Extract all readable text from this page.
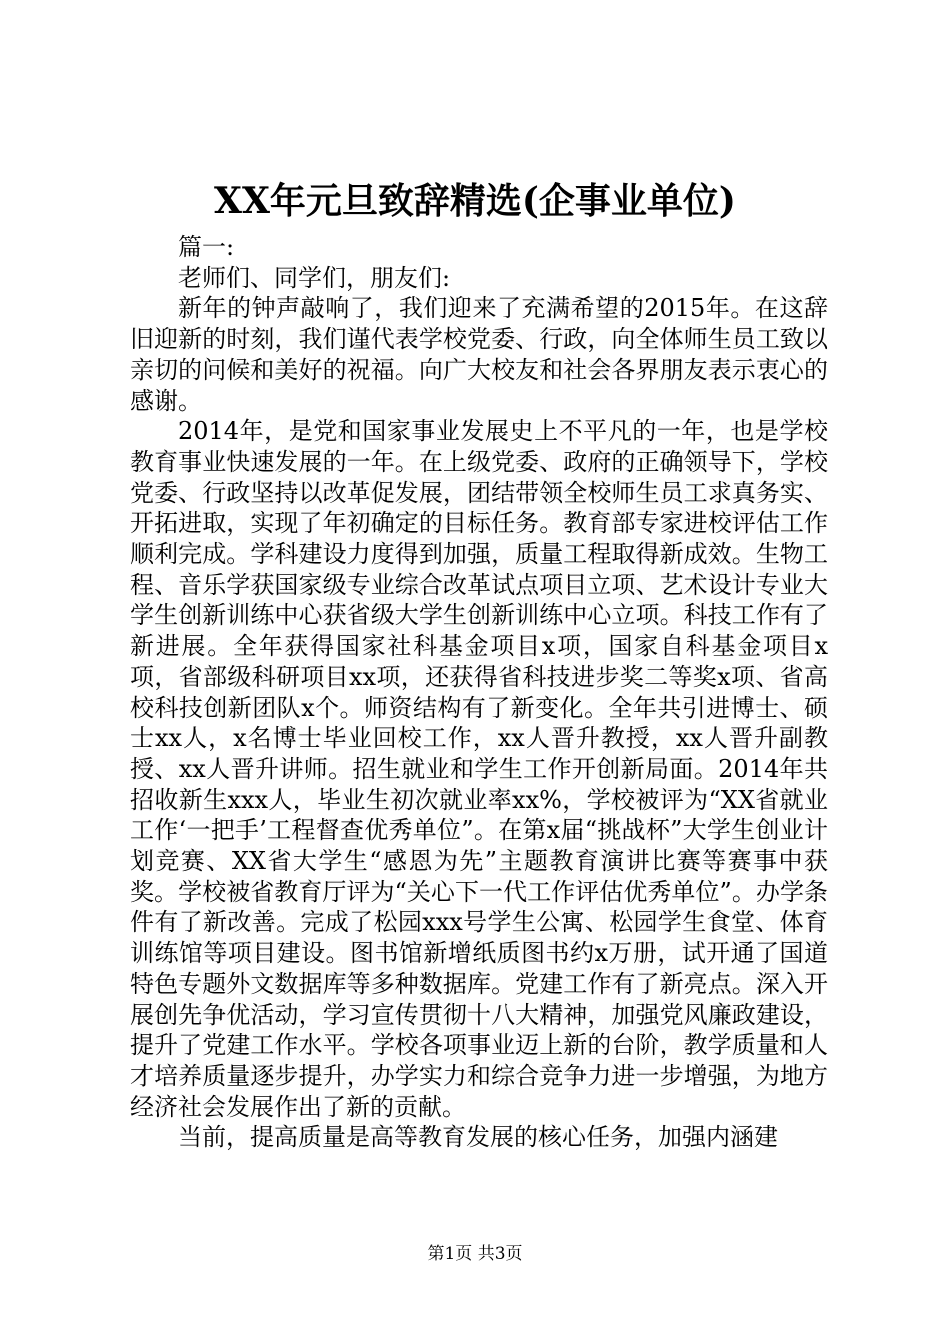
XX年元旦致辞精选(企事业单位)

篇一:

老师们、同学们，朋友们:

新年的钟声敲响了，我们迎来了充满希望的2015年。在这辞旧迎新的时刻，我们谨代表学校党委、行政，向全体师生员工致以亲切的问候和美好的祝福。向广大校友和社会各界朋友表示衷心的感谢。

2014年，是党和国家事业发展史上不平凡的一年，也是学校教育事业快速发展的一年。在上级党委、政府的正确领导下，学校党委、行政坚持以改革促发展，团结带领全校师生员工求真务实、开拓进取，实现了年初确定的目标任务。教育部专家进校评估工作顺利完成。学科建设力度得到加强，质量工程取得新成效。生物工程、音乐学获国家级专业综合改革试点项目立项、艺术设计专业大学生创新训练中心获省级大学生创新训练中心立项。科技工作有了新进展。全年获得国家社科基金项目x项，国家自科基金项目x项，省部级科研项目xx项，还获得省科技进步奖二等奖x项、省高校科技创新团队x个。师资结构有了新变化。全年共引进博士、硕士xx人，x名博士毕业回校工作，xx人晋升教授，xx人晋升副教授、xx人晋升讲师。招生就业和学生工作开创新局面。2014年共招收新生xxx人，毕业生初次就业率xx%，学校被评为“XX省就业工作‘一把手’工程督查优秀单位”。在第x届“挑战杯”大学生创业计划竞赛、XX省大学生“感恩为先”主题教育演讲比赛等赛事中获奖。学校被省教育厅评为“关心下一代工作评估优秀单位”。办学条件有了新改善。完成了松园xxx号学生公寓、松园学生食堂、体育训练馆等项目建设。图书馆新增纸质图书约x万册，试开通了国道特色专题外文数据库等多种数据库。党建工作有了新亮点。深入开展创先争优活动，学习宣传贯彻十八大精神，加强党风廉政建设，提升了党建工作水平。学校各项事业迈上新的台阶，教学质量和人才培养质量逐步提升，办学实力和综合竞争力进一步增强，为地方经济社会发展作出了新的贡献。

当前，提高质量是高等教育发展的核心任务，加强内涵建

第1页 共3页
